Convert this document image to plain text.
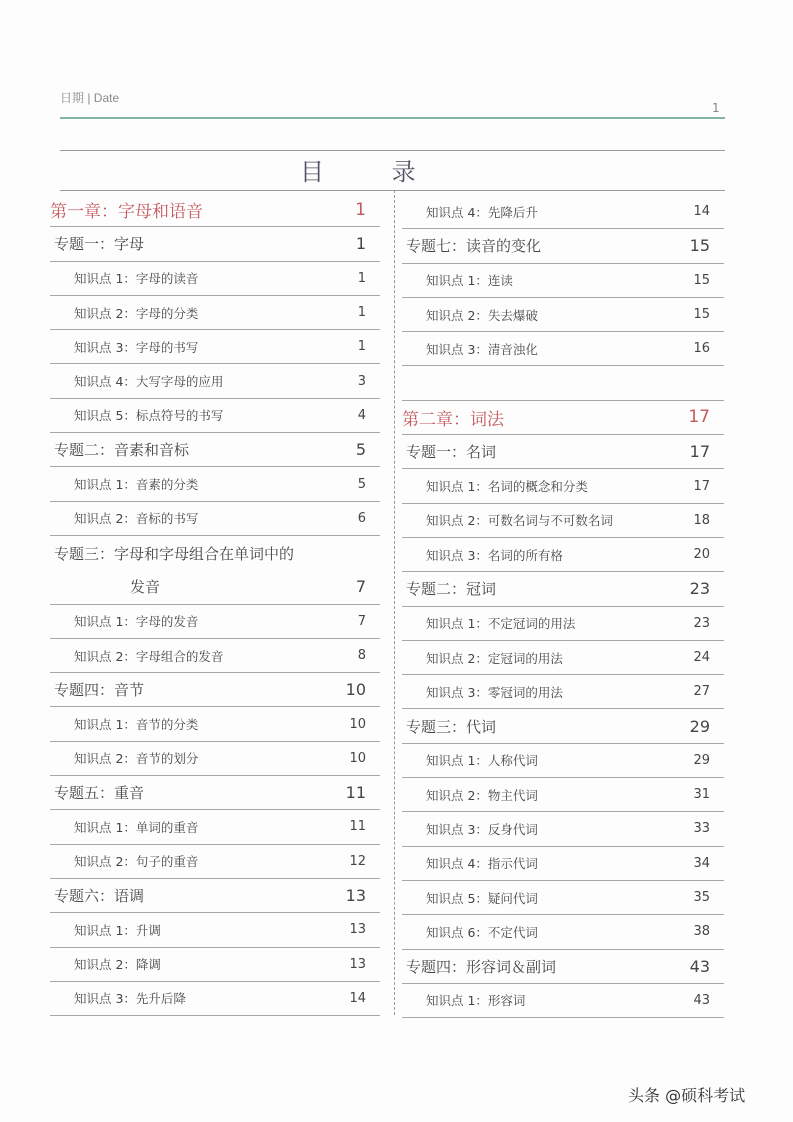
日期 | Date
1
目 录
第一章：字母和语音	1
专题一：字母	1
知识点 1：字母的读音	1
知识点 2：字母的分类	1
知识点 3：字母的书写	1
知识点 4：大写字母的应用	3
知识点 5：标点符号的书写	4
专题二：音素和音标	5
知识点 1：音素的分类	5
知识点 2：音标的书写	6
专题三：字母和字母组合在单词中的
发音	7
知识点 1：字母的发音	7
知识点 2：字母组合的发音	8
专题四：音节	10
知识点 1：音节的分类	10
知识点 2：音节的划分	10
专题五：重音	11
知识点 1：单词的重音	11
知识点 2：句子的重音	12
专题六：语调	13
知识点 1：升调	13
知识点 2：降调	13
知识点 3：先升后降	14
知识点 4：先降后升	14
专题七：读音的变化	15
知识点 1：连读	15
知识点 2：失去爆破	15
知识点 3：清音浊化	16
第二章：词法	17
专题一：名词	17
知识点 1：名词的概念和分类	17
知识点 2：可数名词与不可数名词	18
知识点 3：名词的所有格	20
专题二：冠词	23
知识点 1：不定冠词的用法	23
知识点 2：定冠词的用法	24
知识点 3：零冠词的用法	27
专题三：代词	29
知识点 1：人称代词	29
知识点 2：物主代词	31
知识点 3：反身代词	33
知识点 4：指示代词	34
知识点 5：疑问代词	35
知识点 6：不定代词	38
专题四：形容词＆副词	43
知识点 1：形容词	43
头条 @硕科考试
